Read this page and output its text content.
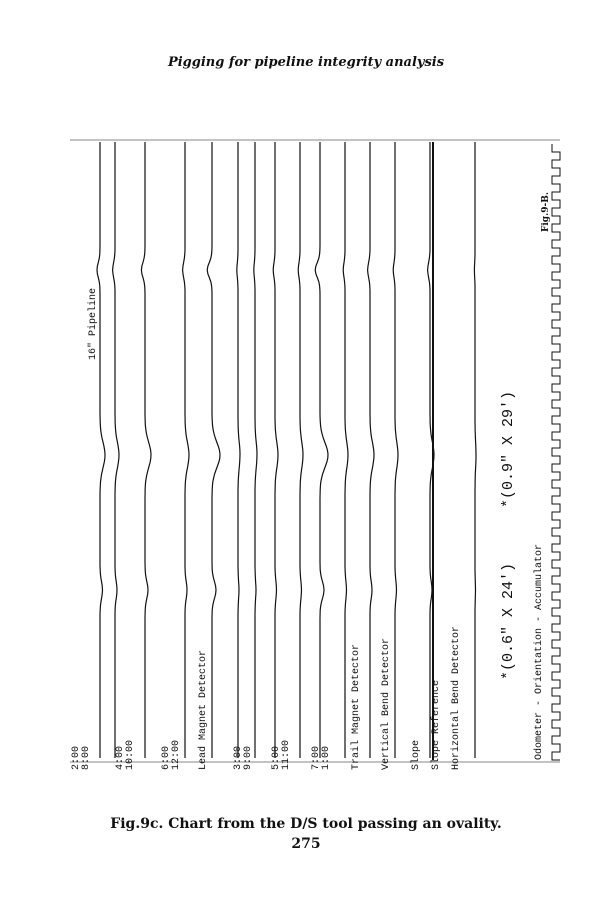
Pigging for pipeline integrity analysis
2:00 8:00 4:00 10:00	6:00 12:00 Lead Magnet Detector 3:00 9:00 5:00 11:00 7:00 1:00 Trail Magnet Detector Vertical Bend Detector Slope Slope Reference Horizontal Bend Detector
16" Pipeline
*(0.6" X 24')
*(0.9" X 29')
Fig.9-B.
Odometer - Orientation - Accumulator
Fig.9c. Chart from the D/S tool passing an ovality.
275
